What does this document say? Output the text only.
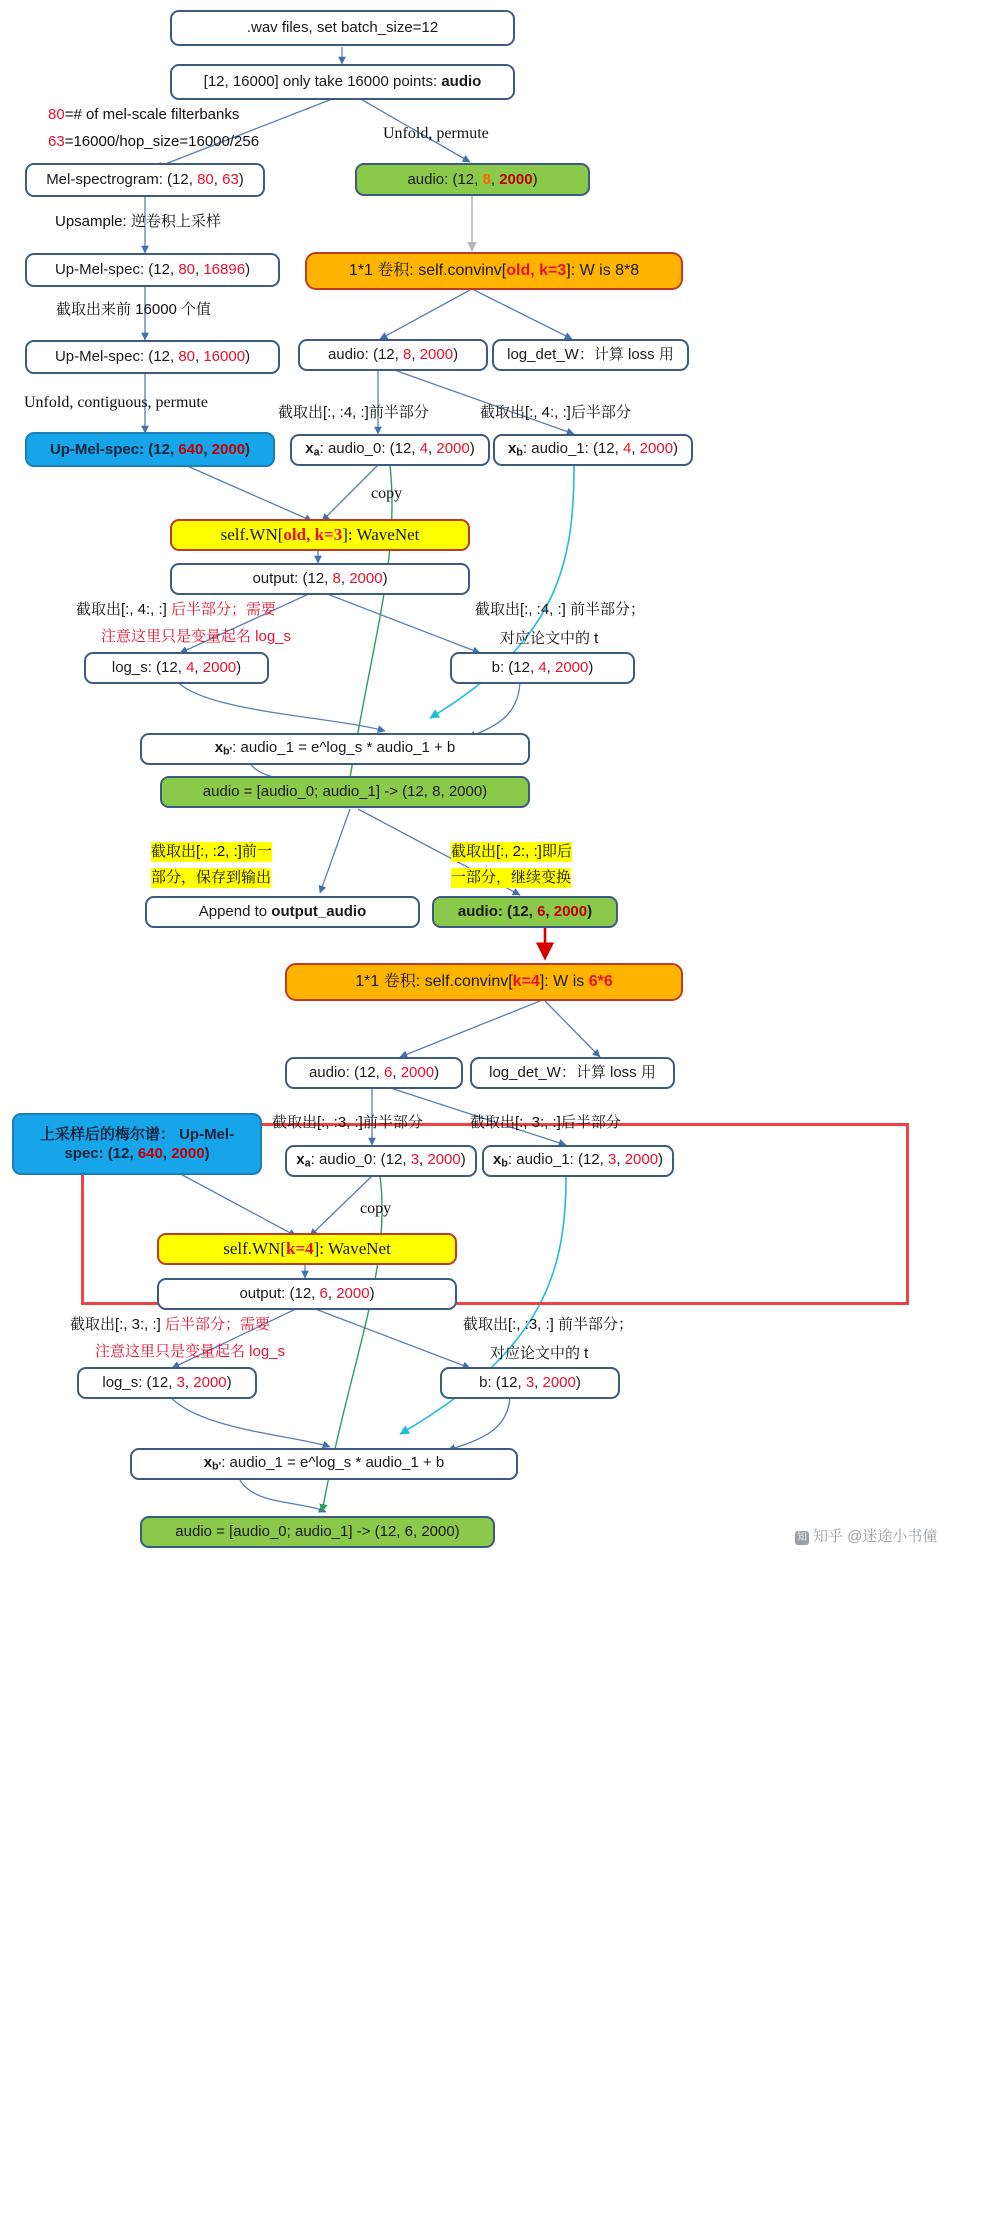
.wav files, set batch_size=12
[12, 16000] only take 16000 points: audio
Mel-spectrogram: (12, 80, 63)
Up-Mel-spec: (12, 80, 16896)
Up-Mel-spec: (12, 80, 16000)
Up-Mel-spec: (12, 640, 2000)
audio: (12, 8, 2000)
1*1 卷积: self.convinv[old, k=3]: W is 8*8
audio: (12, 8, 2000)	log_det_W：计算 loss 用
$x_a$: audio_0: (12, 4, 2000) $x_b$: audio_1: (12, 4, 2000)
self.WN[old, k=3]: WaveNet
output: (12, 8, 2000)
log_s: (12, 4, 2000)	b: (12, 4, 2000)
$x_{b'}$: audio_1 = e^log_s * audio_1 + b
audio = [audio_0; audio_1] -> (12, 8, 2000)
Append to output_audio	audio: (12, 6, 2000)
1*1 卷积: self.convinv[k=4]: W is 6*6
audio: (12, 6, 2000)	log_det_W：计算 loss 用
上采样后的梅尔谱： Up-Mel-
spec: (12, 640, 2000)	$x_a$: audio_0: (12, 3, 2000) $x_b$: audio_1: (12, 3, 2000)
self.WN[k=4]: WaveNet
output: (12, 6, 2000)
log_s: (12, 3, 2000)	b: (12, 3, 2000)
$x_{b'}$: audio_1 = e^log_s * audio_1 + b
audio = [audio_0; audio_1] -> (12, 6, 2000)
80=# of mel-scale filterbanks
63=16000/hop_size=16000/256	Unfold, permute
Upsample: 逆卷积上采样
截取出来前 16000 个值
Unfold, contiguous, permute
截取出[:, :4, :]前半部分	截取出[:, 4:, :]后半部分
copy
截取出[:, 4:, :] 后半部分；需要
注意这里只是变量起名 log_s
截取出[:, :4, :] 前半部分；
对应论文中的 t
截取出[:, :2, :]前一
部分，保存到输出
截取出[:, 2:, :]即后
一部分，继续变换
截取出[:, :3, :]前半部分	截取出[:, 3:, :]后半部分
copy
截取出[:, 3:, :] 后半部分；需要
注意这里只是变量起名 log_s
截取出[:, :3, :] 前半部分；
对应论文中的 t
知 知乎 @迷途小书僮
